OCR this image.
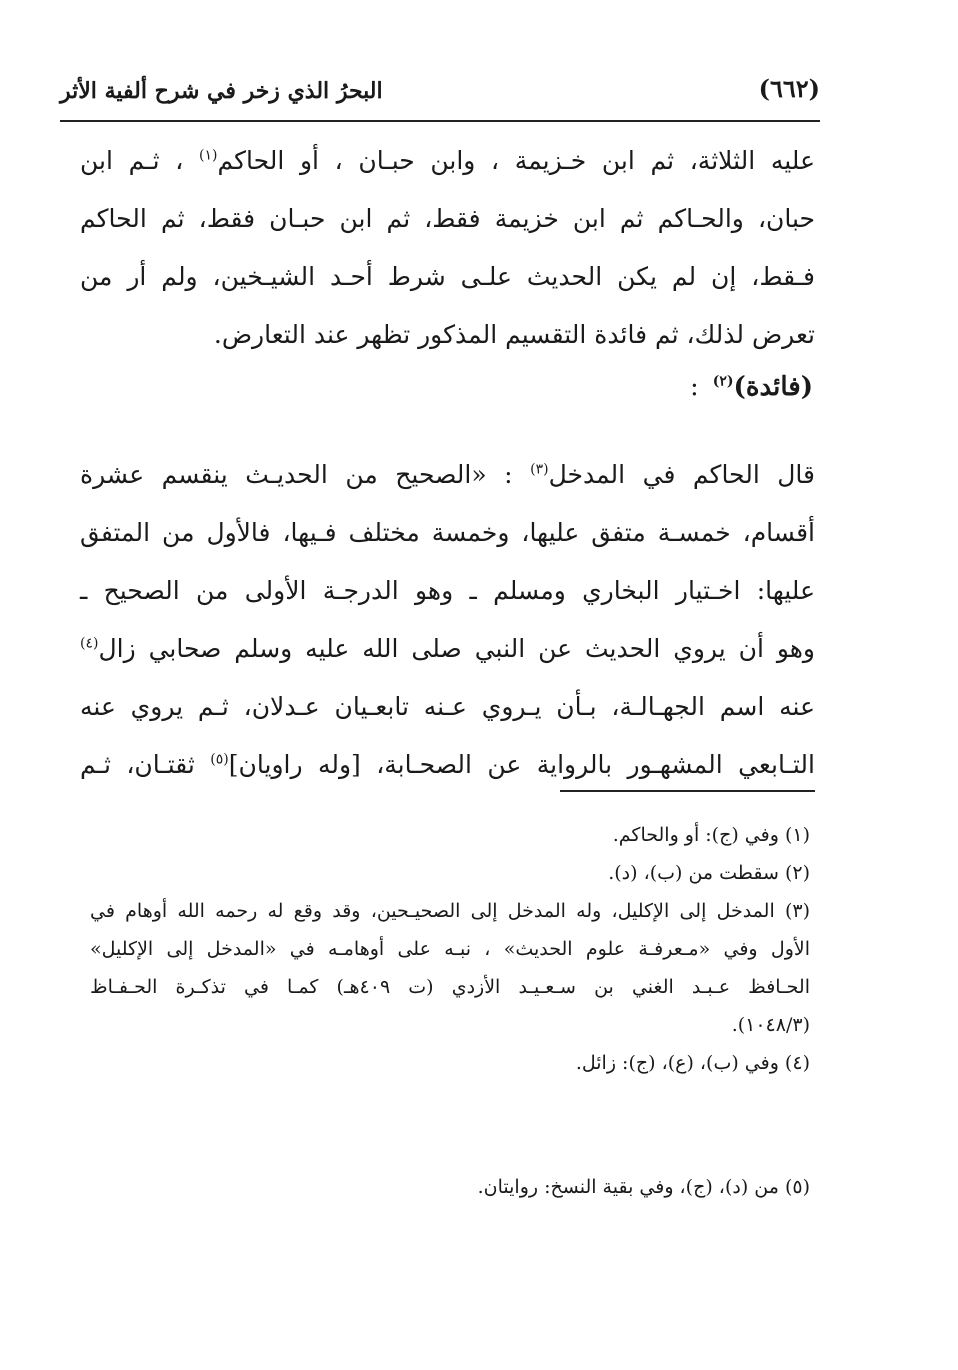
البحرُ الذي زخر في شرح ألفية الأثر	(٦٦٢)
عليه الثلاثة، ثم ابن خـزيمة ، وابن حبـان ، أو الحاكم$^{(١)}$ ، ثـم ابن
حبان، والحـاكم ثم ابن خزيمة فقط، ثم ابن حبـان فقط، ثم الحاكم
فـقط، إن لم يكن الحديث علـى شرط أحـد الشيـخين، ولم أر من
تعرض لذلك، ثم فائدة التقسيم المذكور تظهر عند التعارض.
(فائدة)$^{(٢)}$:
قال الحاكم في المدخل$^{(٣)}$ : «الصحيح من الحديـث ينقسم عشرة
أقسام، خمسـة متفق عليها، وخمسة مختلف فـيها، فالأول من المتفق
عليها: اخـتيار البخاري ومسلم ـ وهو الدرجـة الأولى من الصحيح ـ
وهو أن يروي الحديث عن النبي صلى الله عليه وسلم صحابي زال$^{(٤)}$
عنه اسم الجهـالـة، بـأن يـروي عـنه تابعـيان عـدلان، ثـم يروي عنه
التـابعي المشهـور بالرواية عن الصحـابة، [وله راويان]$^{(٥)}$ ثقتـان، ثـم
(١) وفي (ج): أو والحاكم.
(٢) سقطت من (ب)، (د).
(٣) المدخل إلى الإكليل، وله المدخل إلى الصحيـحين، وقد وقع له رحمه الله أوهام في
الأول وفي «مـعرفـة علوم الحديث» ، نبـه على أوهامـه في «المدخل إلى الإكليل»
الحـافظ عـبـد الغني بن سـعـيـد الأزدي (ت ٤٠٩هـ) كمـا في تذكـرة الحـفـاظ
(١٠٤٨/٣).
(٤) وفي (ب)، (ع)، (ج): زائل.
(٥) من (د)، (ج)، وفي بقية النسخ: روايتان.
